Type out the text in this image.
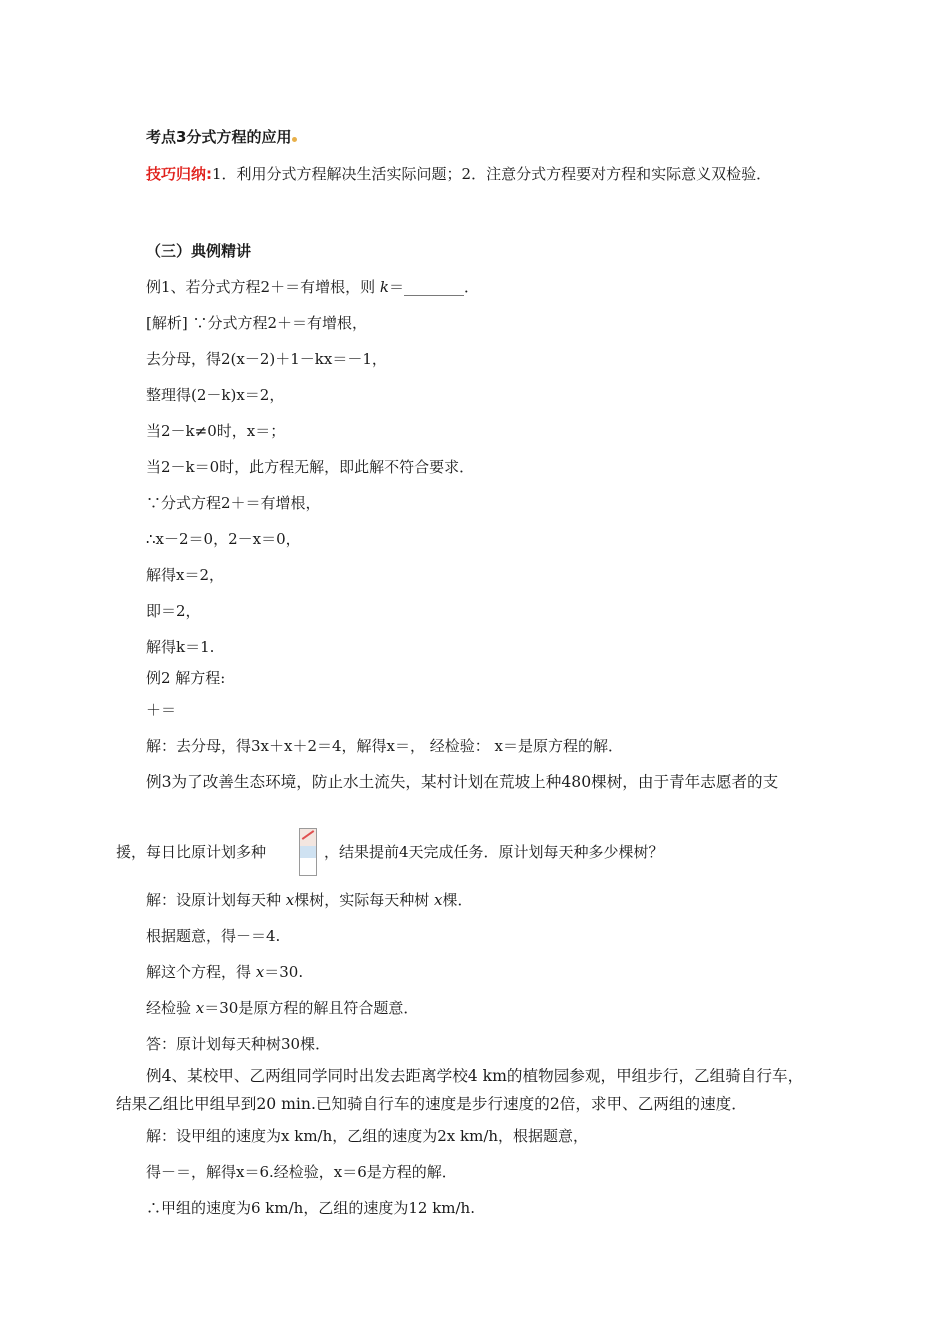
考点3分式方程的应用
技巧归纳:1．利用分式方程解决生活实际问题；2．注意分式方程要对方程和实际意义双检验．
（三）典例精讲
例1、若分式方程2＋＝有增根，则 k＝________．
[解析] ∵分式方程2＋＝有增根，
去分母，得2(x－2)＋1－kx＝－1，
整理得(2－k)x＝2，
当2－k≠0时，x＝；
当2－k＝0时，此方程无解，即此解不符合要求．
∵分式方程2＋＝有增根，
∴x－2＝0，2－x＝0，
解得x＝2，
即＝2，
解得k＝1.
例2 解方程:
＋＝
解：去分母，得3x＋x＋2＝4，解得x＝， 经检验： x＝是原方程的解．
例3为了改善生态环境，防止水土流失，某村计划在荒坡上种480棵树，由于青年志愿者的支
援，每日比原计划多种	，结果提前4天完成任务．原计划每天种多少棵树？
解：设原计划每天种 x棵树，实际每天种树 x棵．
根据题意，得－＝4.
解这个方程，得 x＝30.
经检验 x＝30是原方程的解且符合题意．
答：原计划每天种树30棵．
例4、某校甲、乙两组同学同时出发去距离学校4 km的植物园参观，甲组步行，乙组骑自行车，
结果乙组比甲组早到20 min.已知骑自行车的速度是步行速度的2倍，求甲、乙两组的速度．
解：设甲组的速度为x km/h，乙组的速度为2x km/h，根据题意，
得－＝，解得x＝6.经检验，x＝6是方程的解．
∴甲组的速度为6 km/h，乙组的速度为12 km/h.
